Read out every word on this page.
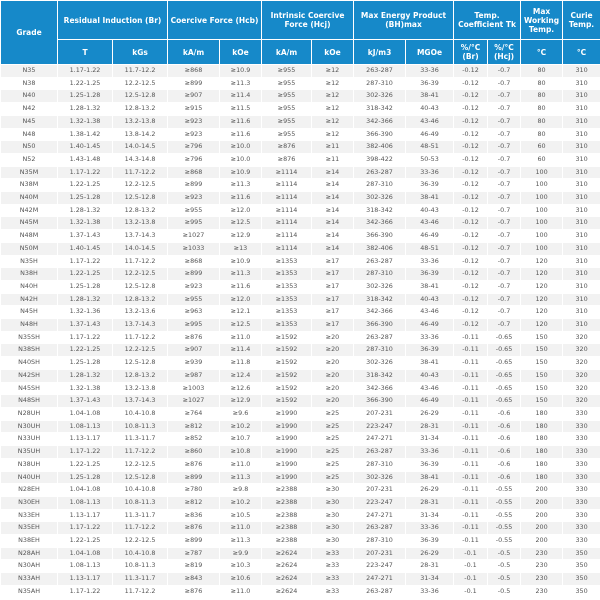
Grade	Residual Induction (Br)		Coercive Force (Hcb)		Intrinsic Coercive Force (Hcj)		Max Energy Product (BH)max		Temp. Coefficient Tk		Max Working Temp.	Curie Temp.
	T	kGs	kA/m	kOe	kA/m	kOe	kJ/m3	MGOe	%/°C (Br)	%/°C (Hcj)	°C	°C
N35	1.17-1.22	11.7-12.2	≥868	≥10.9	≥955	≥12	263-287	33-36	-0.12	-0.7	80	310
N38	1.22-1.25	12.2-12.5	≥899	≥11.3	≥955	≥12	287-310	36-39	-0.12	-0.7	80	310
N40	1.25-1.28	12.5-12.8	≥907	≥11.4	≥955	≥12	302-326	38-41	-0.12	-0.7	80	310
N42	1.28-1.32	12.8-13.2	≥915	≥11.5	≥955	≥12	318-342	40-43	-0.12	-0.7	80	310
N45	1.32-1.38	13.2-13.8	≥923	≥11.6	≥955	≥12	342-366	43-46	-0.12	-0.7	80	310
N48	1.38-1.42	13.8-14.2	≥923	≥11.6	≥955	≥12	366-390	46-49	-0.12	-0.7	80	310
N50	1.40-1.45	14.0-14.5	≥796	≥10.0	≥876	≥11	382-406	48-51	-0.12	-0.7	60	310
N52	1.43-1.48	14.3-14.8	≥796	≥10.0	≥876	≥11	398-422	50-53	-0.12	-0.7	60	310
N35M	1.17-1.22	11.7-12.2	≥868	≥10.9	≥1114	≥14	263-287	33-36	-0.12	-0.7	100	310
N38M	1.22-1.25	12.2-12.5	≥899	≥11.3	≥1114	≥14	287-310	36-39	-0.12	-0.7	100	310
N40M	1.25-1.28	12.5-12.8	≥923	≥11.6	≥1114	≥14	302-326	38-41	-0.12	-0.7	100	310
N42M	1.28-1.32	12.8-13.2	≥955	≥12.0	≥1114	≥14	318-342	40-43	-0.12	-0.7	100	310
N45M	1.32-1.38	13.2-13.8	≥995	≥12.5	≥1114	≥14	342-366	43-46	-0.12	-0.7	100	310
N48M	1.37-1.43	13.7-14.3	≥1027	≥12.9	≥1114	≥14	366-390	46-49	-0.12	-0.7	100	310
N50M	1.40-1.45	14.0-14.5	≥1033	≥13	≥1114	≥14	382-406	48-51	-0.12	-0.7	100	310
N35H	1.17-1.22	11.7-12.2	≥868	≥10.9	≥1353	≥17	263-287	33-36	-0.12	-0.7	120	310
N38H	1.22-1.25	12.2-12.5	≥899	≥11.3	≥1353	≥17	287-310	36-39	-0.12	-0.7	120	310
N40H	1.25-1.28	12.5-12.8	≥923	≥11.6	≥1353	≥17	302-326	38-41	-0.12	-0.7	120	310
N42H	1.28-1.32	12.8-13.2	≥955	≥12.0	≥1353	≥17	318-342	40-43	-0.12	-0.7	120	310
N45H	1.32-1.36	13.2-13.6	≥963	≥12.1	≥1353	≥17	342-366	43-46	-0.12	-0.7	120	310
N48H	1.37-1.43	13.7-14.3	≥995	≥12.5	≥1353	≥17	366-390	46-49	-0.12	-0.7	120	310
N35SH	1.17-1.22	11.7-12.2	≥876	≥11.0	≥1592	≥20	263-287	33-36	-0.11	-0.65	150	320
N38SH	1.22-1.25	12.2-12.5	≥907	≥11.4	≥1592	≥20	287-310	36-39	-0.11	-0.65	150	320
N40SH	1.25-1.28	12.5-12.8	≥939	≥11.8	≥1592	≥20	302-326	38-41	-0.11	-0.65	150	320
N42SH	1.28-1.32	12.8-13.2	≥987	≥12.4	≥1592	≥20	318-342	40-43	-0.11	-0.65	150	320
N45SH	1.32-1.38	13.2-13.8	≥1003	≥12.6	≥1592	≥20	342-366	43-46	-0.11	-0.65	150	320
N48SH	1.37-1.43	13.7-14.3	≥1027	≥12.9	≥1592	≥20	366-390	46-49	-0.11	-0.65	150	320
N28UH	1.04-1.08	10.4-10.8	≥764	≥9.6	≥1990	≥25	207-231	26-29	-0.11	-0.6	180	330
N30UH	1.08-1.13	10.8-11.3	≥812	≥10.2	≥1990	≥25	223-247	28-31	-0.11	-0.6	180	330
N33UH	1.13-1.17	11.3-11.7	≥852	≥10.7	≥1990	≥25	247-271	31-34	-0.11	-0.6	180	330
N35UH	1.17-1.22	11.7-12.2	≥860	≥10.8	≥1990	≥25	263-287	33-36	-0.11	-0.6	180	330
N38UH	1.22-1.25	12.2-12.5	≥876	≥11.0	≥1990	≥25	287-310	36-39	-0.11	-0.6	180	330
N40UH	1.25-1.28	12.5-12.8	≥899	≥11.3	≥1990	≥25	302-326	38-41	-0.11	-0.6	180	330
N28EH	1.04-1.08	10.4-10.8	≥780	≥9.8	≥2388	≥30	207-231	26-29	-0.11	-0.55	200	330
N30EH	1.08-1.13	10.8-11.3	≥812	≥10.2	≥2388	≥30	223-247	28-31	-0.11	-0.55	200	330
N33EH	1.13-1.17	11.3-11.7	≥836	≥10.5	≥2388	≥30	247-271	31-34	-0.11	-0.55	200	330
N35EH	1.17-1.22	11.7-12.2	≥876	≥11.0	≥2388	≥30	263-287	33-36	-0.11	-0.55	200	330
N38EH	1.22-1.25	12.2-12.5	≥899	≥11.3	≥2388	≥30	287-310	36-39	-0.11	-0.55	200	330
N28AH	1.04-1.08	10.4-10.8	≥787	≥9.9	≥2624	≥33	207-231	26-29	-0.1	-0.5	230	350
N30AH	1.08-1.13	10.8-11.3	≥819	≥10.3	≥2624	≥33	223-247	28-31	-0.1	-0.5	230	350
N33AH	1.13-1.17	11.3-11.7	≥843	≥10.6	≥2624	≥33	247-271	31-34	-0.1	-0.5	230	350
N35AH	1.17-1.22	11.7-12.2	≥876	≥11.0	≥2624	≥33	263-287	33-36	-0.1	-0.5	230	350
